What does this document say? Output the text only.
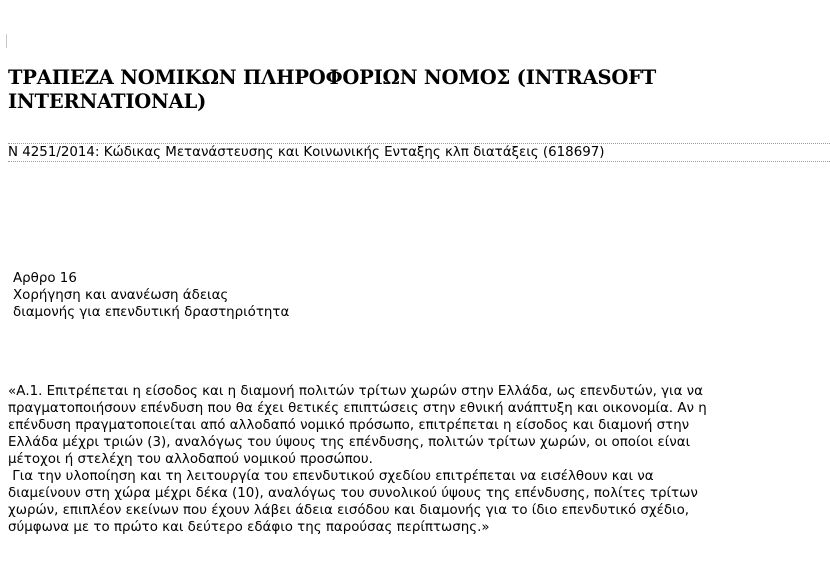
ΤΡΑΠΕΖΑ ΝΟΜΙΚΩΝ ΠΛΗΡΟΦΟΡΙΩΝ ΝΟΜΟΣ (INTRASOFT INTERNATIONAL)

Ν 4251/2014: Κώδικας Μετανάστευσης και Κοινωνικής Ενταξης κλπ διατάξεις (618697)

Αρθρο 16
Χορήγηση και ανανέωση άδειας
διαμονής για επενδυτική δραστηριότητα
«Α.1. Επιτρέπεται η είσοδος και η διαμονή πολιτών τρίτων χωρών στην Ελλάδα, ως επενδυτών, για να
πραγματοποιήσουν επένδυση που θα έχει θετικές επιπτώσεις στην εθνική ανάπτυξη και οικονομία. Αν η
επένδυση πραγματοποιείται από αλλοδαπό νομικό πρόσωπο, επιτρέπεται η είσοδος και διαμονή στην
Ελλάδα μέχρι τριών (3), αναλόγως του ύψους της επένδυσης, πολιτών τρίτων χωρών, οι οποίοι είναι
μέτοχοι ή στελέχη του αλλοδαπού νομικού προσώπου.
Για την υλοποίηση και τη λειτουργία του επενδυτικού σχεδίου επιτρέπεται να εισέλθουν και να
διαμείνουν στη χώρα μέχρι δέκα (10), αναλόγως του συνολικού ύψους της επένδυσης, πολίτες τρίτων
χωρών, επιπλέον εκείνων που έχουν λάβει άδεια εισόδου και διαμονής για το ίδιο επενδυτικό σχέδιο,
σύμφωνα με το πρώτο και δεύτερο εδάφιο της παρούσας περίπτωσης.»
